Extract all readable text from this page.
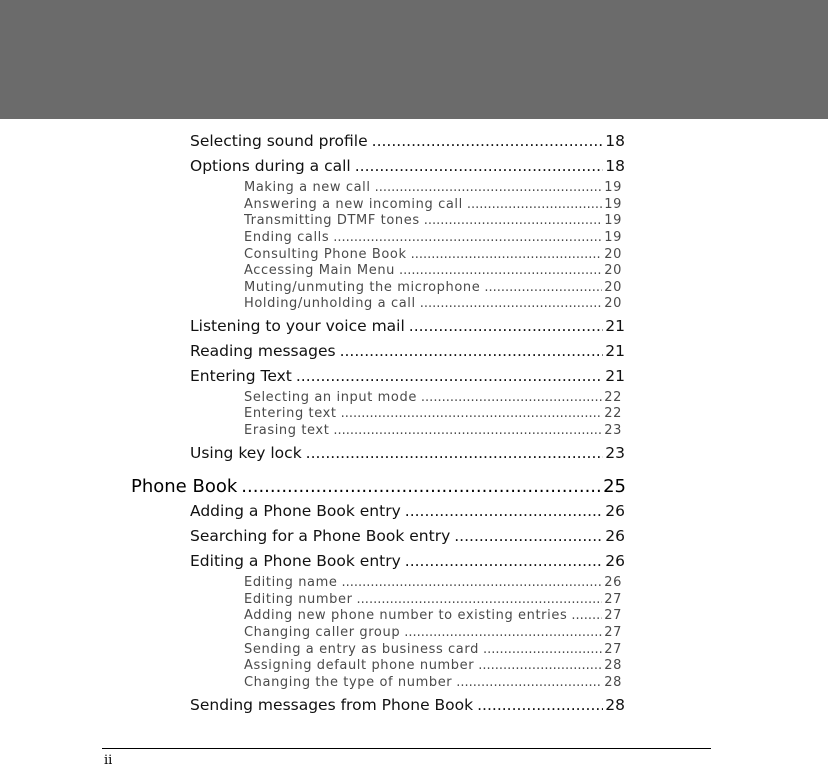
Selecting sound profile .....	18
Options during a call .....	18
Making a new call .....	19
Answering a new incoming call .....	19
Transmitting DTMF tones .....	19
Ending calls .....	19
Consulting Phone Book .....	20
Accessing Main Menu .....	20
Muting/unmuting the microphone .....	20
Holding/unholding a call .....	20
Listening to your voice mail .....	21
Reading messages .....	21
Entering Text .....	21
Selecting an input mode .....	22
Entering text .....	22
Erasing text .....	23
Using key lock .....	23
Phone Book .....	25
Adding a Phone Book entry .....	26
Searching for a Phone Book entry .....	26
Editing a Phone Book entry .....	26
Editing name .....	26
Editing number .....	27
Adding new phone number to existing entries .....	27
Changing caller group .....	27
Sending a entry as business card .....	27
Assigning default phone number .....	28
Changing the type of number .....	28
Sending messages from Phone Book .....	28
ii
